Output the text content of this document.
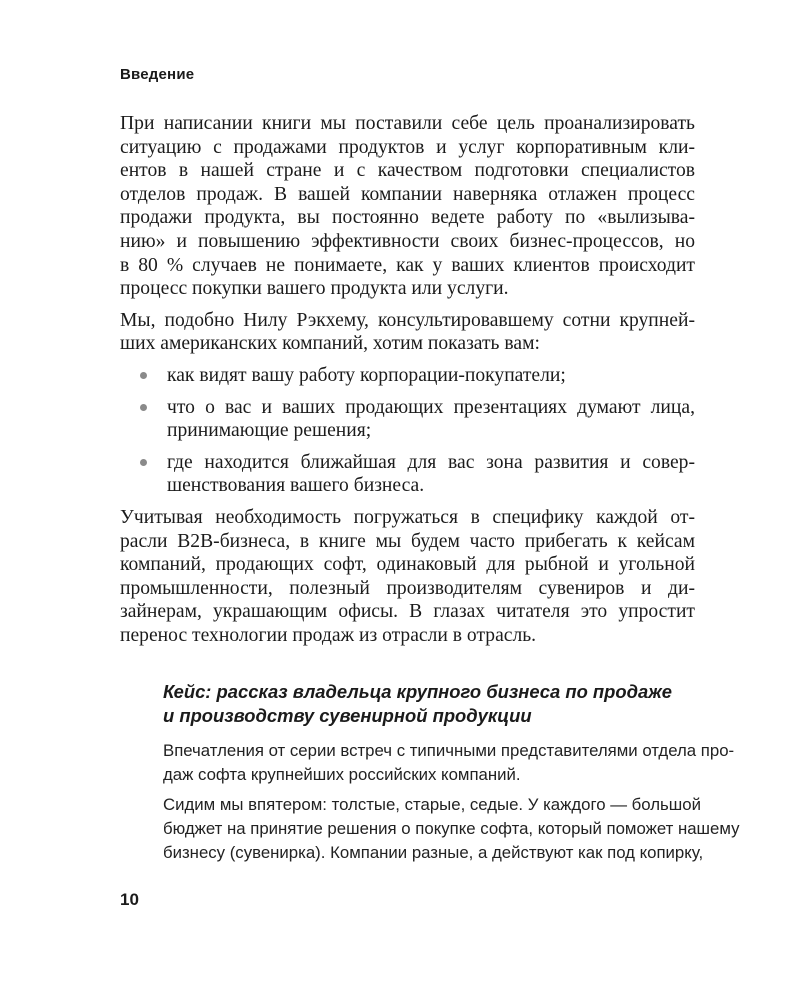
Введение

При написании книги мы поставили себе цель проанализировать
ситуацию с продажами продуктов и услуг корпоративным кли-
ентов в нашей стране и с качеством подготовки специалистов
отделов продаж. В вашей компании наверняка отлажен процесс
продажи продукта, вы постоянно ведете работу по «вылизыва-
нию» и повышению эффективности своих бизнес-процессов, но
в 80 % случаев не понимаете, как у ваших клиентов происходит
процесс покупки вашего продукта или услуги.

Мы, подобно Нилу Рэкхему, консультировавшему сотни крупней-
ших американских компаний, хотим показать вам:

как видят вашу работу корпорации-покупатели;
что о вас и ваших продающих презентациях думают лица,
принимающие решения;
где находится ближайшая для вас зона развития и совер-
шенствования вашего бизнеса.

Учитывая необходимость погружаться в специфику каждой от-
расли B2B-бизнеса, в книге мы будем часто прибегать к кейсам
компаний, продающих софт, одинаковый для рыбной и угольной
промышленности, полезный производителям сувениров и ди-
зайнерам, украшающим офисы. В глазах читателя это упростит
перенос технологии продаж из отрасли в отрасль.

Кейс: рассказ владельца крупного бизнеса по продаже
и производству сувенирной продукции
Впечатления от серии встреч с типичными представителями отдела про-
даж софта крупнейших российских компаний.
Сидим мы впятером: толстые, старые, седые. У каждого — большой
бюджет на принятие решения о покупке софта, который поможет нашему
бизнесу (сувенирка). Компании разные, а действуют как под копирку,
10
